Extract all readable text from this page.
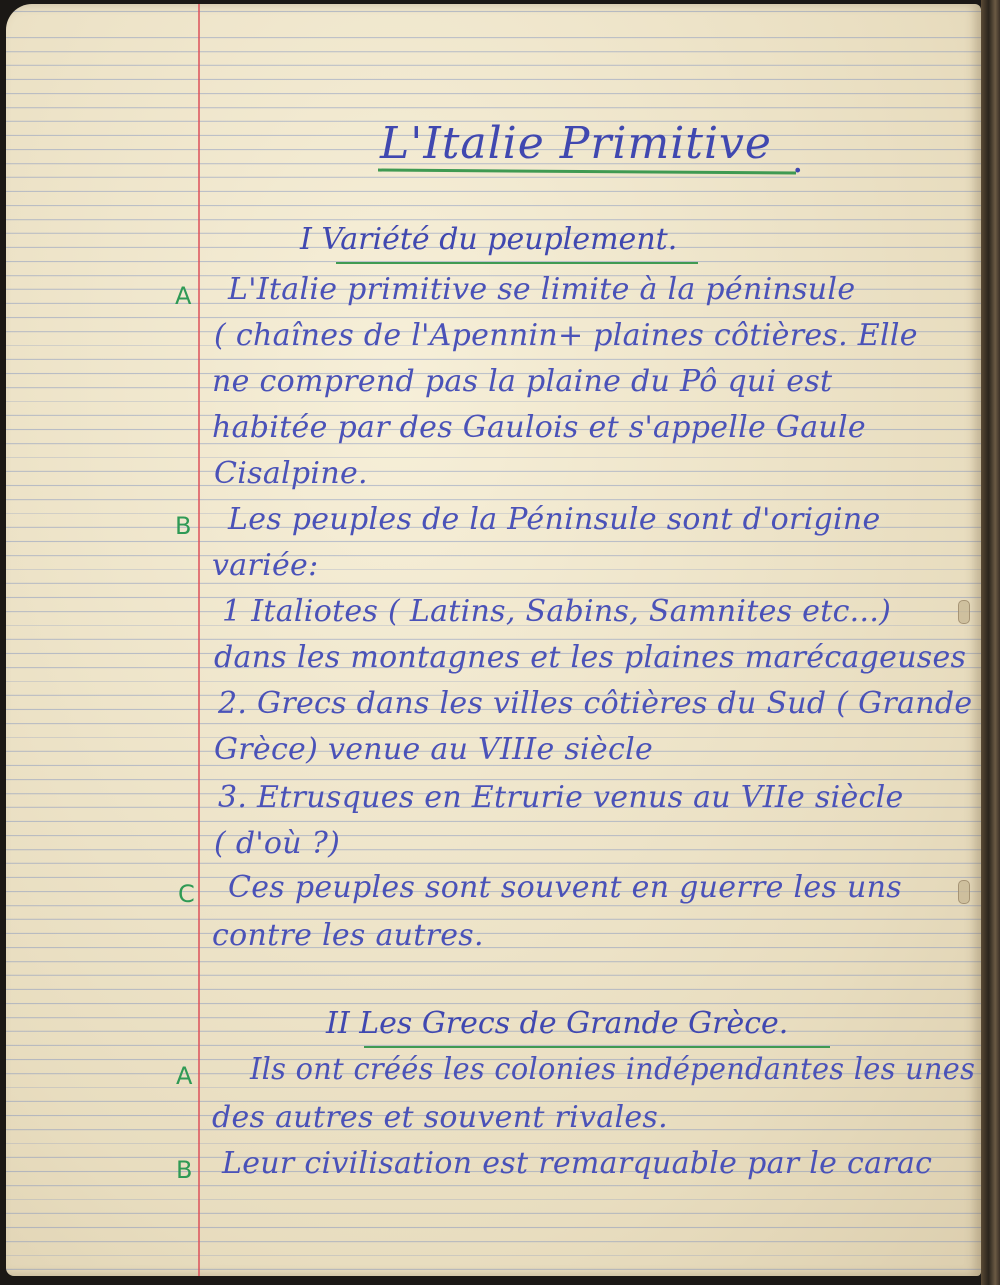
L'Italie Primitive .
I Variété du peuplement.
A L'Italie primitive se limite à la péninsule
( chaînes de l'Apennin+ plaines côtières. Elle
ne comprend pas la plaine du Pô qui est
habitée par des Gaulois et s'appelle Gaule
Cisalpine.
B Les peuples de la Péninsule sont d'origine
variée:
1 Italiotes ( Latins, Sabins, Samnites etc...)
dans les montagnes et les plaines marécageuses
2. Grecs dans les villes côtières du Sud ( Grande
Grèce) venue au VIIIe siècle
3. Etrusques en Etrurie venus au VIIe siècle
( d'où ?)
C Ces peuples sont souvent en guerre les uns
contre les autres.
II Les Grecs de Grande Grèce.
A Ils ont créés les colonies indépendantes les unes
des autres et souvent rivales.
B Leur civilisation est remarquable par le carac
